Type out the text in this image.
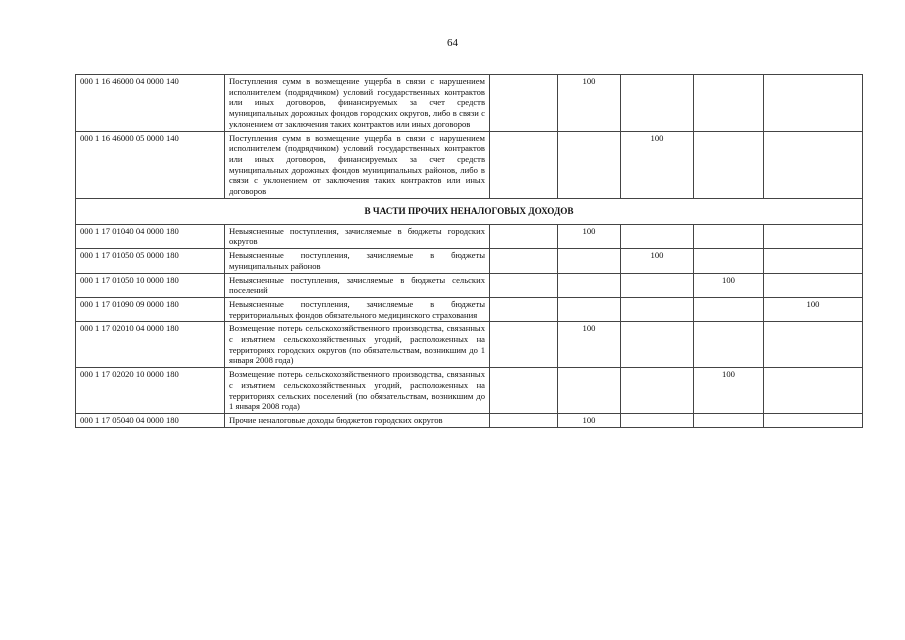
64
000 1 16 46000 04 0000 140	Поступления сумм в возмещение ущерба в связи с нарушением исполнителем (подрядчиком) условий государственных контрактов или иных договоров, финансируемых за счет средств муниципальных дорожных фондов городских округов, либо в связи с уклонением от заключения таких контрактов или иных договоров		100			
000 1 16 46000 05 0000 140	Поступления сумм в возмещение ущерба в связи с нарушением исполнителем (подрядчиком) условий государственных контрактов или иных договоров, финансируемых за счет средств муниципальных дорожных фондов муниципальных районов, либо в связи с уклонением от заключения таких контрактов или иных договоров			100		
В ЧАСТИ ПРОЧИХ НЕНАЛОГОВЫХ ДОХОДОВ						
000 1 17 01040 04 0000 180	Невыясненные поступления, зачисляемые в бюджеты городских округов		100			
000 1 17 01050 05 0000 180	Невыясненные поступления, зачисляемые в бюджеты муниципальных районов			100		
000 1 17 01050 10 0000 180	Невыясненные поступления, зачисляемые в бюджеты сельских поселений				100	
000 1 17 01090 09 0000 180	Невыясненные поступления, зачисляемые в бюджеты территориальных фондов обязательного медицинского страхования					100
000 1 17 02010 04 0000 180	Возмещение потерь сельскохозяйственного производства, связанных с изъятием сельскохозяйственных угодий, расположенных на территориях городских округов (по обязательствам, возникшим до 1 января 2008 года)		100			
000 1 17 02020 10 0000 180	Возмещение потерь сельскохозяйственного производства, связанных с изъятием сельскохозяйственных угодий, расположенных на территориях сельских поселений (по обязательствам, возникшим до 1 января 2008 года)				100	
000 1 17 05040 04 0000 180	Прочие неналоговые доходы бюджетов городских округов		100			
